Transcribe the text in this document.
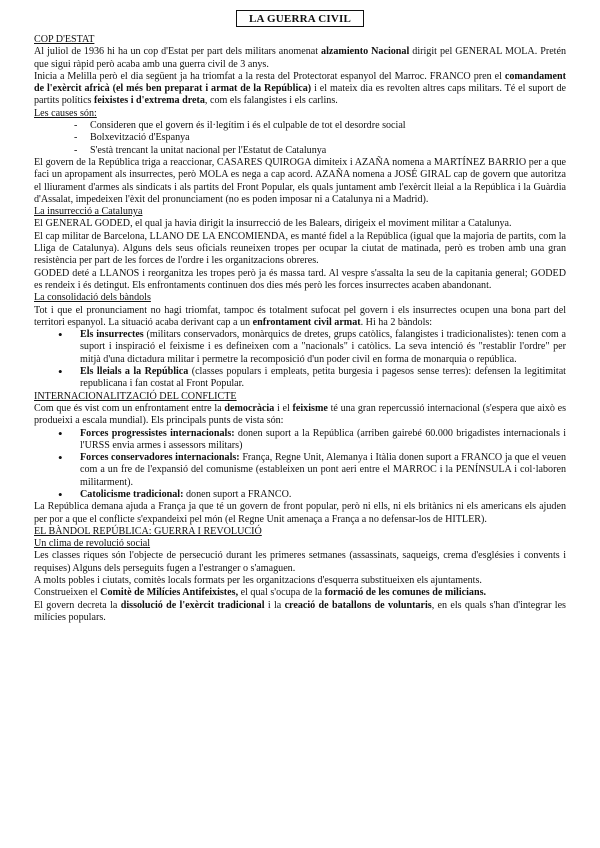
LA GUERRA CIVIL
COP D'ESTAT

Al juliol de 1936 hi ha un cop d'Estat per part dels militars anomenat alzamiento Nacional dirigit pel GENERAL MOLA. Pretén que sigui ràpid però acaba amb una guerra civil de 3 anys.

Inicia a Melilla però el dia següent ja ha triomfat a la resta del Protectorat espanyol del Marroc. FRANCO pren el comandament de l'exèrcit africà (el més ben preparat i armat de la República) i el mateix dia es revolten altres caps militars. Té el suport de partits polítics feixistes i d'extrema dreta, com els falangistes i els carlins.

Les causes són:
- Consideren que el govern és il·legítim i és el culpable de tot el desordre social
- Bolxevització d'Espanya
- S'està trencant la unitat nacional per l'Estatut de Catalunya

El govern de la República triga a reaccionar, CASARES QUIROGA dimiteix i AZAÑA nomena a MARTÍNEZ BARRIO per a que faci un apropament als insurrectes, però MOLA es nega a cap acord. AZAÑA nomena a JOSÉ GIRAL cap de govern que autoritza el lliurament d'armes als sindicats i als partits del Front Popular, els quals juntament amb l'exèrcit lleial a la República i la Guàrdia d'Assalat, impedeixen l'èxit del pronunciament (no es poden imposar ni a Catalunya ni a Madrid).

La insurrecció a Catalunya

El GENERAL GODED, el qual ja havia dirigit la insurrecció de les Balears, dirigeix el moviment militar a Catalunya.

El cap militar de Barcelona, LLANO DE LA ENCOMIENDA, es manté fidel a la República (igual que la majoria de partits, com la Lliga de Catalunya). Alguns dels seus oficials reuneixen tropes per ocupar la ciutat de matinada, però es troben amb una gran resistència per part de les forces de l'ordre i les organitzacions obreres.

GODED deté a LLANOS i reorganitza les tropes però ja és massa tard. Al vespre s'assalta la seu de la capitania general; GODED es rendeix i és detingut. Els enfrontaments continuen dos dies més però les forces insurrectes acaben abandonant.

La consolidació dels bàndols

Tot i que el pronunciament no hagi triomfat, tampoc és totalment sufocat pel govern i els insurrectes ocupen una bona part del territori espanyol. La situació acaba derivant cap a un enfrontament civil armat. Hi ha 2 bàndols:

• Els insurrectes (militars conservadors, monàrquics de dretes, grups catòlics, falangistes i tradicionalistes): tenen com a suport i inspiració el feixisme i es defineixen com a "nacionals" i catòlics. La seva intenció és "restablir l'ordre" per mitjà d'una dictadura militar i permetre la recomposició d'un poder civil en forma de monarquia o república.
• Els lleials a la República (classes populars i empleats, petita burgesia i pagesos sense terres): defensen la legitimitat republicana i fan costat al Front Popular.
INTERNACIONALITZACIÓ DEL CONFLICTE

Com que és vist com un enfrontament entre la democràcia i el feixisme té una gran repercussió internacional (s'espera que això es produeixi a escala mundial). Els principals punts de vista són:

• Forces progressistes internacionals: donen suport a la República (arriben gairebé 60.000 brigadistes internacionals i l'URSS envia armes i assessors militars)
• Forces conservadores internacionals: França, Regne Unit, Alemanya i Itàlia donen suport a FRANCO ja que el veuen com a un fre de l'expansió del comunisme (estableixen un pont aeri entre el MARROC i la PENÍNSULA i col·laboren militarment).
• Catolicisme tradicional: donen suport a FRANCO.

La República demana ajuda a França ja que té un govern de front popular, però ni ells, ni els britànics ni els americans els ajuden per por a que el conflicte s'expandeixi pel món (el Regne Unit amenaça a França a no defensar-los de HITLER).

EL BÀNDOL REPÚBLICA: GUERRA I REVOLUCIÓ
Un clima de revolució social

Les classes riques són l'objecte de persecució durant les primeres setmanes (assassinats, saqueigs, crema d'esglésies i convents i requises) Alguns dels perseguits fugen a l'estranger o s'amaguen.

A molts pobles i ciutats, comitès locals formats per les organitzacions d'esquerra substitueixen els ajuntaments.

Construeixen el Comitè de Milícies Antifeixistes, el qual s'ocupa de la formació de les comunes de milicians.

El govern decreta la dissolució de l'exèrcit tradicional i la creació de batallons de voluntaris, en els quals s'han d'integrar les milícies populars.
